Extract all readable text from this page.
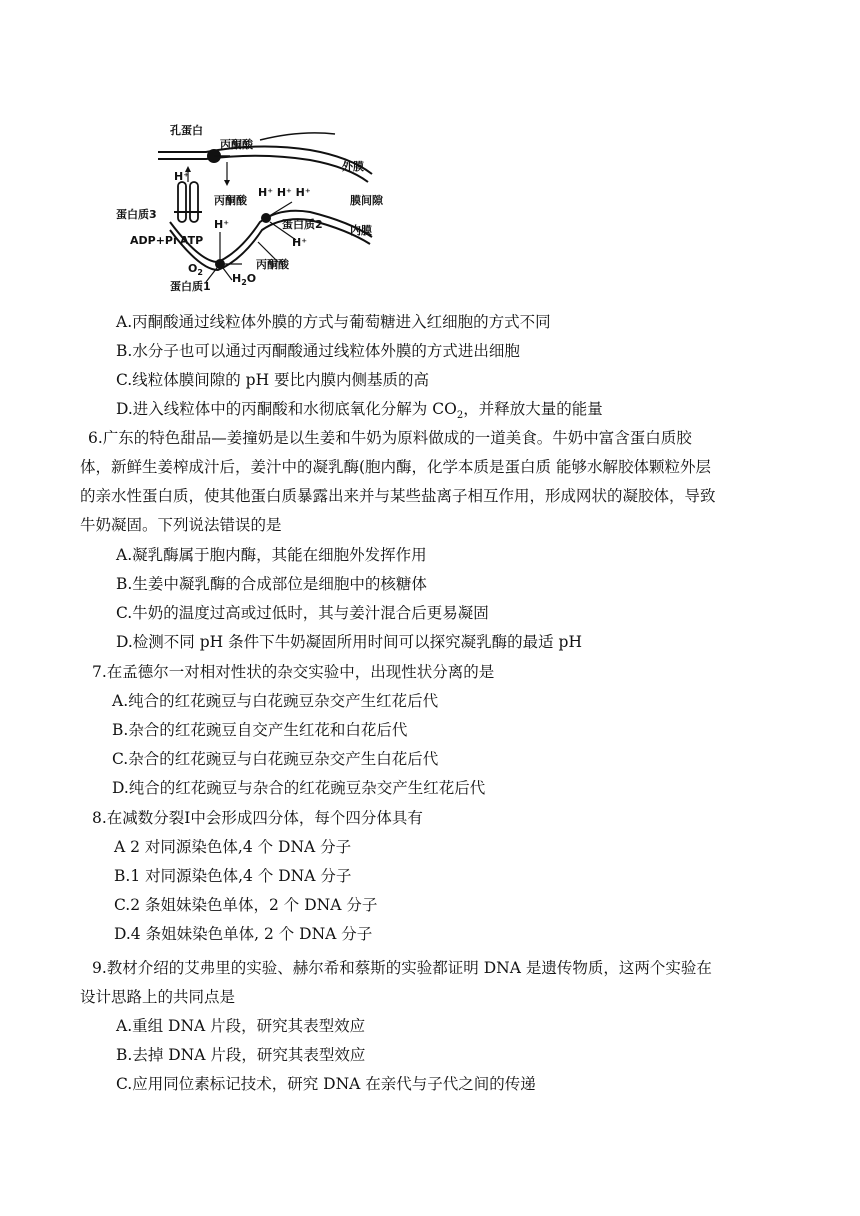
孔蛋白
丙酮酸
外膜
H⁺
膜间隙
蛋白质3
丙酮酸
H⁺ H⁺ H⁺
蛋白质2 内膜
H⁺
H⁺
ADP+Pi ATP
$O_2$	$H_2O$
丙酮酸
蛋白质1
A.丙酮酸通过线粒体外膜的方式与葡萄糖进入红细胞的方式不同
B.水分子也可以通过丙酮酸通过线粒体外膜的方式进出细胞
C.线粒体膜间隙的 pH 要比内膜内侧基质的高
D.进入线粒体中的丙酮酸和水彻底氧化分解为 $CO_2$，并释放大量的能量
6.广东的特色甜品—姜撞奶是以生姜和牛奶为原料做成的一道美食。牛奶中富含蛋白质胶
体，新鲜生姜榨成汁后，姜汁中的凝乳酶(胞内酶，化学本质是蛋白质 能够水解胶体颗粒外层
的亲水性蛋白质，使其他蛋白质暴露出来并与某些盐离子相互作用，形成网状的凝胶体，导致
牛奶凝固。下列说法错误的是
A.凝乳酶属于胞内酶，其能在细胞外发挥作用
B.生姜中凝乳酶的合成部位是细胞中的核糖体
C.牛奶的温度过高或过低时，其与姜汁混合后更易凝固
D.检测不同 pH 条件下牛奶凝固所用时间可以探究凝乳酶的最适 pH
7.在孟德尔一对相对性状的杂交实验中，出现性状分离的是
A.纯合的红花豌豆与白花豌豆杂交产生红花后代
B.杂合的红花豌豆自交产生红花和白花后代
C.杂合的红花豌豆与白花豌豆杂交产生白花后代
D.纯合的红花豌豆与杂合的红花豌豆杂交产生红花后代
8.在减数分裂Ⅰ中会形成四分体，每个四分体具有
A 2 对同源染色体,4 个 DNA 分子
B.1 对同源染色体,4 个 DNA 分子
C.2 条姐妹染色单体，2 个 DNA 分子
D.4 条姐妹染色单体, 2 个 DNA 分子
9.教材介绍的艾弗里的实验、赫尔希和蔡斯的实验都证明 DNA 是遗传物质，这两个实验在
设计思路上的共同点是
A.重组 DNA 片段，研究其表型效应
B.去掉 DNA 片段，研究其表型效应
C.应用同位素标记技术，研究 DNA 在亲代与子代之间的传递
